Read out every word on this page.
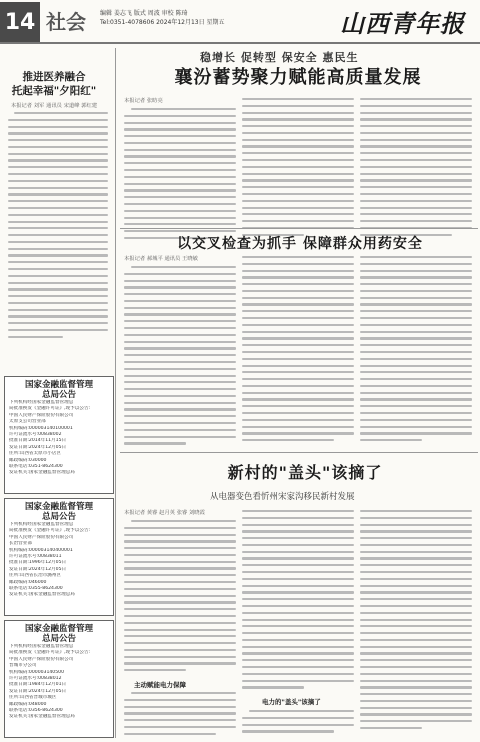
14 社会 编辑 姜志飞 版式 周波 审校 陈琦
Tel:0351-4078606 2024年12月13日 星期五	山西青年报
推进医养融合
托起幸福"夕阳红"
本报记者 刘军 通讯员 宋道峰 郭红建
国家金融监督管理
总局公告
下列机构经国家金融监督管理总
局批准换发《金融许可证》,现予以公告:
中国人民财产保险股份有限公司
太原支公司营业部
机构编码:000003140100001
许可证流水号:00838002
批准日期:2014年11月15日
发证日期:2024年12月05日
住所:山西省太原市小店区
邮政编码:030000
联系电话:0351-8624300
发证机关:国家金融监督管理总局
国家金融监督管理
总局公告
下列机构经国家金融监督管理总
局批准换发《金融许可证》,现予以公告:
中国人民财产保险股份有限公司
长治营业部
机构编码:000003140400001
许可证流水号:00838011
批准日期:1996年12月05日
发证日期:2024年12月05日
住所:山西省长治市潞州区
邮政编码:046000
联系电话:0355-8624300
发证机关:国家金融监督管理总局
国家金融监督管理
总局公告
下列机构经国家金融监督管理总
局批准换发《金融许可证》,现予以公告:
中国人民财产保险股份有限公司
晋城市分公司
机构编码:000003140500
许可证流水号:00838012
批准日期:1984年12月01日
发证日期:2024年12月05日
住所:山西省晋城市城区
邮政编码:048000
联系电话:0356-8624300
发证机关:国家金融监督管理总局
稳增长 促转型 保安全 惠民生
襄汾蓄势聚力赋能高质量发展
本报记者 张昉亮
以交叉检查为抓手 保障群众用药安全
本报记者 郝城平 通讯员 王晓敏
新村的"盖头"该摘了
从电器变色看忻州宋家沟移民新村发展
本报记者 黄睿 赵月英 张睿 刘晓霞
主动赋能电力保障
电力的"盖头"该摘了
